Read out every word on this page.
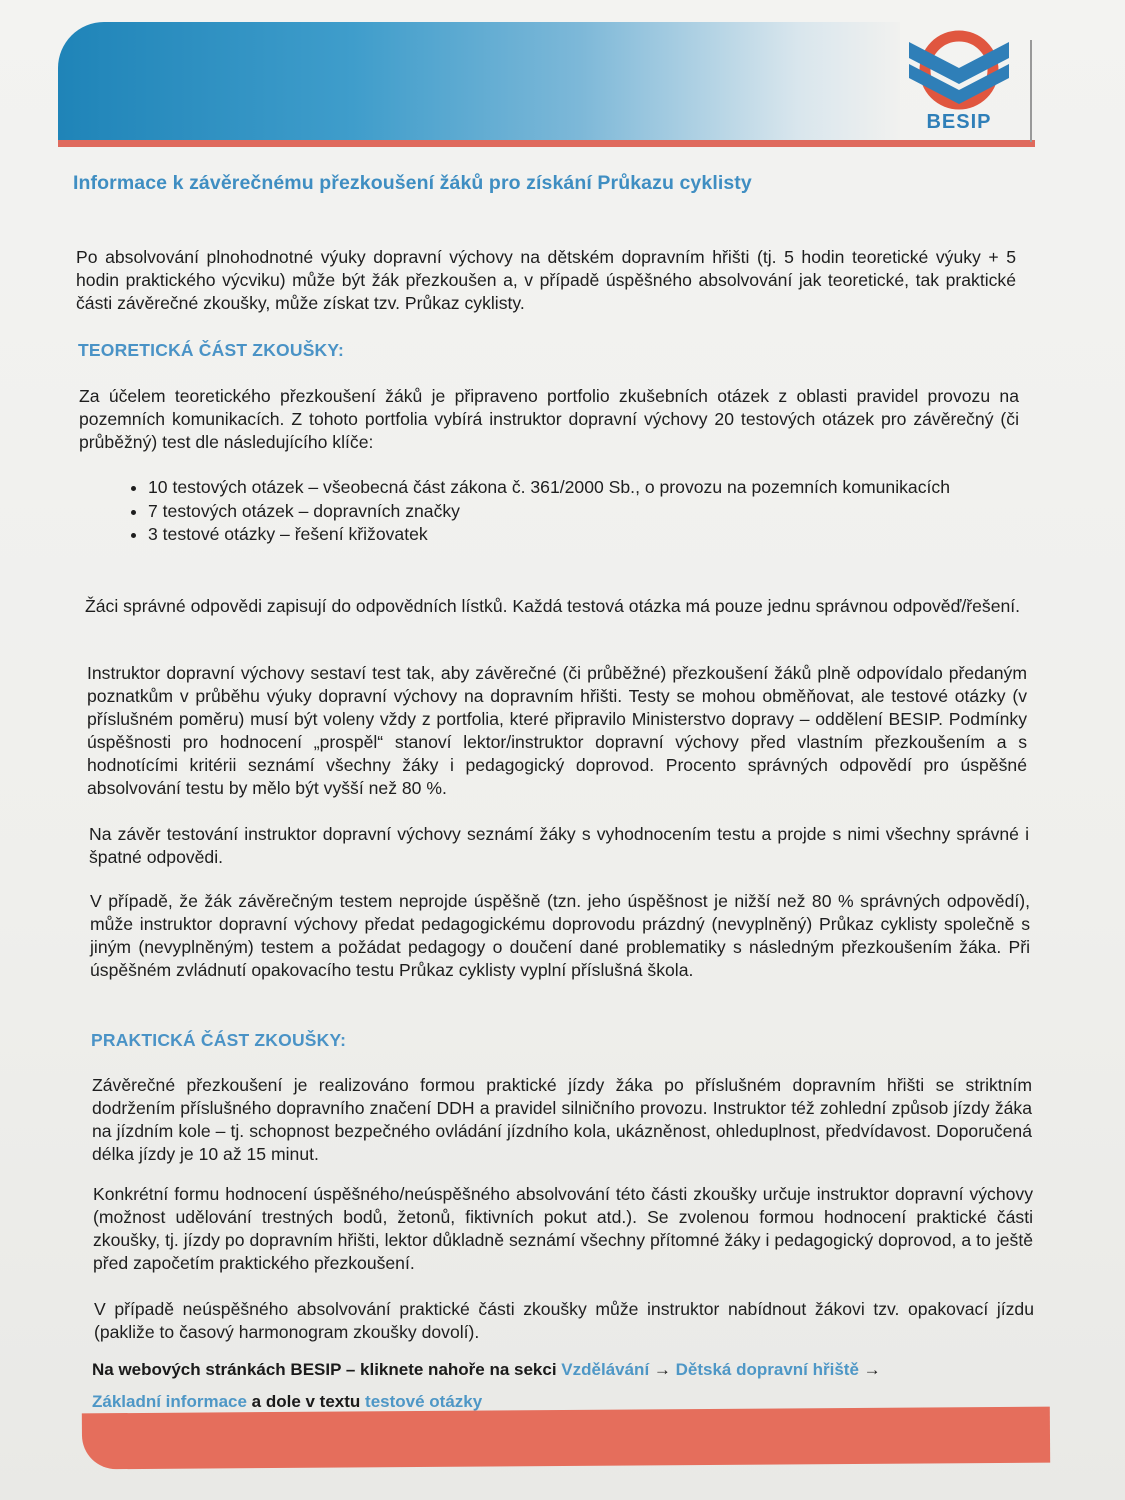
BESIP
Informace k závěrečnému přezkoušení žáků pro získání Průkazu cyklisty
Po absolvování plnohodnotné výuky dopravní výchovy na dětském dopravním hřišti (tj. 5 hodin teoretické výuky + 5 hodin praktického výcviku) může být žák přezkoušen a, v případě úspěšného absolvování jak teoretické, tak praktické části závěrečné zkoušky, může získat tzv. Průkaz cyklisty.
TEORETICKÁ ČÁST ZKOUŠKY:
Za účelem teoretického přezkoušení žáků je připraveno portfolio zkušebních otázek z oblasti pravidel provozu na pozemních komunikacích. Z tohoto portfolia vybírá instruktor dopravní výchovy 20 testových otázek pro závěrečný (či průběžný) test dle následujícího klíče:
• 10 testových otázek – všeobecná část zákona č. 361/2000 Sb., o provozu na pozemních komunikacích
• 7 testových otázek – dopravních značky
• 3 testové otázky – řešení křižovatek
Žáci správné odpovědi zapisují do odpovědních lístků. Každá testová otázka má pouze jednu správnou odpověď/řešení.
Instruktor dopravní výchovy sestaví test tak, aby závěrečné (či průběžné) přezkoušení žáků plně odpovídalo předaným poznatkům v průběhu výuky dopravní výchovy na dopravním hřišti. Testy se mohou obměňovat, ale testové otázky (v příslušném poměru) musí být voleny vždy z portfolia, které připravilo Ministerstvo dopravy – oddělení BESIP. Podmínky úspěšnosti pro hodnocení „prospěl“ stanoví lektor/instruktor dopravní výchovy před vlastním přezkoušením a s hodnotícími kritérii seznámí všechny žáky i pedagogický doprovod. Procento správných odpovědí pro úspěšné absolvování testu by mělo být vyšší než 80 %.
Na závěr testování instruktor dopravní výchovy seznámí žáky s vyhodnocením testu a projde s nimi všechny správné i špatné odpovědi.
V případě, že žák závěrečným testem neprojde úspěšně (tzn. jeho úspěšnost je nižší než 80 % správných odpovědí), může instruktor dopravní výchovy předat pedagogickému doprovodu prázdný (nevyplněný) Průkaz cyklisty společně s jiným (nevyplněným) testem a požádat pedagogy o doučení dané problematiky s následným přezkoušením žáka. Při úspěšném zvládnutí opakovacího testu Průkaz cyklisty vyplní příslušná škola.
PRAKTICKÁ ČÁST ZKOUŠKY:
Závěrečné přezkoušení je realizováno formou praktické jízdy žáka po příslušném dopravním hřišti se striktním dodržením příslušného dopravního značení DDH a pravidel silničního provozu. Instruktor též zohlední způsob jízdy žáka na jízdním kole – tj. schopnost bezpečného ovládání jízdního kola, ukázněnost, ohleduplnost, předvídavost. Doporučená délka jízdy je 10 až 15 minut.
Konkrétní formu hodnocení úspěšného/neúspěšného absolvování této části zkoušky určuje instruktor dopravní výchovy (možnost udělování trestných bodů, žetonů, fiktivních pokut atd.). Se zvolenou formou hodnocení praktické části zkoušky, tj. jízdy po dopravním hřišti, lektor důkladně seznámí všechny přítomné žáky i pedagogický doprovod, a to ještě před započetím praktického přezkoušení.
V případě neúspěšného absolvování praktické části zkoušky může instruktor nabídnout žákovi tzv. opakovací jízdu (pakliže to časový harmonogram zkoušky dovolí).
Na webových stránkách BESIP – kliknete nahoře na sekci Vzdělávání → Dětská dopravní hřiště →
Základní informace a dole v textu testové otázky
